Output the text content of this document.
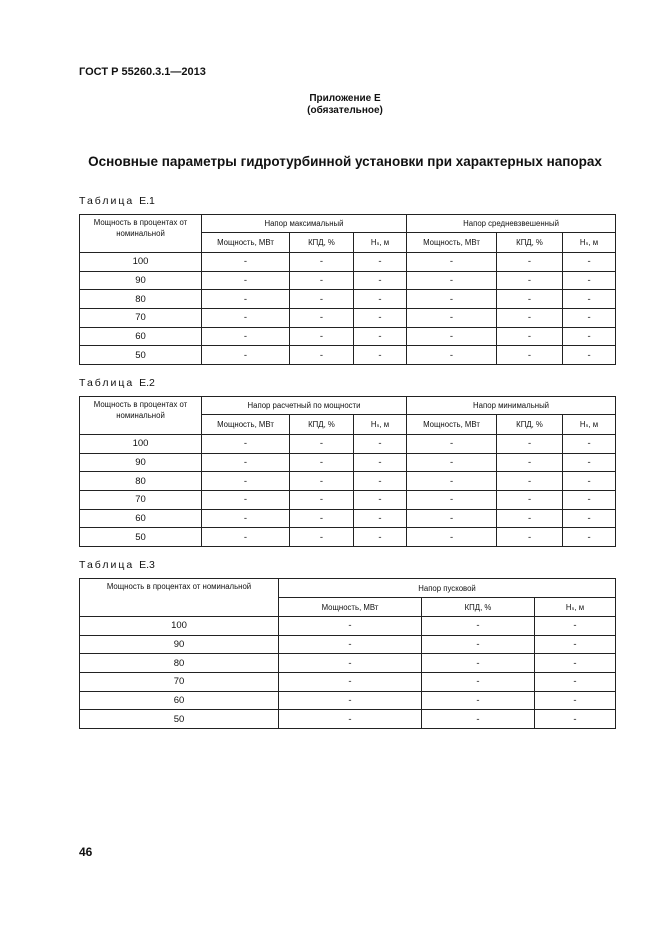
ГОСТ Р 55260.3.1—2013
Приложение Е
(обязательное)
Основные параметры гидротурбинной установки при характерных напорах
Таблица Е.1
Мощность в процентах от номинальной	Напор максимальный			Напор средневзвешенный		
	Мощность, МВт	КПД, %	Hₛ, м	Мощность, МВт	КПД, %	Hₛ, м
100	-	-	-	-	-	-
90	-	-	-	-	-	-
80	-	-	-	-	-	-
70	-	-	-	-	-	-
60	-	-	-	-	-	-
50	-	-	-	-	-	-
Таблица Е.2
Мощность в процентах от номинальной	Напор расчетный по мощности			Напор минимальный		
	Мощность, МВт	КПД, %	Hₛ, м	Мощность, МВт	КПД, %	Hₛ, м
100	-	-	-	-	-	-
90	-	-	-	-	-	-
80	-	-	-	-	-	-
70	-	-	-	-	-	-
60	-	-	-	-	-	-
50	-	-	-	-	-	-
Таблица Е.3
Мощность в процентах от номинальной	Напор пусковой		
	Мощность, МВт	КПД, %	Hₛ, м
100	-	-	-
90	-	-	-
80	-	-	-
70	-	-	-
60	-	-	-
50	-	-	-
46
